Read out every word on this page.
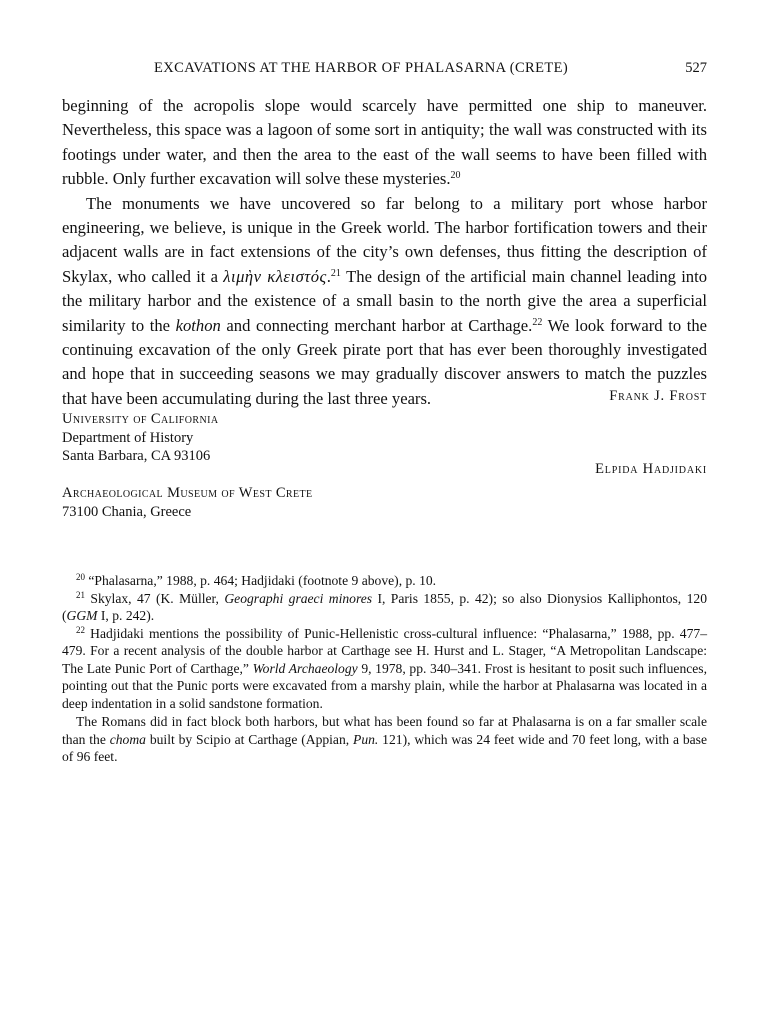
EXCAVATIONS AT THE HARBOR OF PHALASARNA (CRETE)	527

beginning of the acropolis slope would scarcely have permitted one ship to maneuver. Nevertheless, this space was a lagoon of some sort in antiquity; the wall was constructed with its footings under water, and then the area to the east of the wall seems to have been filled with rubble. Only further excavation will solve these mysteries.$^{20}$

The monuments we have uncovered so far belong to a military port whose harbor engineering, we believe, is unique in the Greek world. The harbor fortification towers and their adjacent walls are in fact extensions of the city’s own defenses, thus fitting the description of Skylax, who called it a λιμὴν κλειστός.$^{21}$ The design of the artificial main channel leading into the military harbor and the existence of a small basin to the north give the area a superficial similarity to the kothon and connecting merchant harbor at Carthage.$^{22}$ We look forward to the continuing excavation of the only Greek pirate port that has ever been thoroughly investigated and hope that in succeeding seasons we may gradually discover answers to match the puzzles that have been accumulating during the last three years.	Frank J. Frost
University of California
Department of History
Santa Barbara, CA 93106
Elpida Hadjidaki
Archaeological Museum of West Crete
73100 Chania, Greece

$^{20}$ “Phalasarna,” 1988, p. 464; Hadjidaki (footnote 9 above), p. 10.

$^{21}$ Skylax, 47 (K. Müller, Geographi graeci minores I, Paris 1855, p. 42); so also Dionysios Kalliphontos, 120 (GGM I, p. 242).

$^{22}$ Hadjidaki mentions the possibility of Punic-Hellenistic cross-cultural influence: “Phalasarna,” 1988, pp. 477–479. For a recent analysis of the double harbor at Carthage see H. Hurst and L. Stager, “A Metropolitan Landscape: The Late Punic Port of Carthage,” World Archaeology 9, 1978, pp. 340–341. Frost is hesitant to posit such influences, pointing out that the Punic ports were excavated from a marshy plain, while the harbor at Phalasarna was located in a deep indentation in a solid sandstone formation.

The Romans did in fact block both harbors, but what has been found so far at Phalasarna is on a far smaller scale than the choma built by Scipio at Carthage (Appian, Pun. 121), which was 24 feet wide and 70 feet long, with a base of 96 feet.
